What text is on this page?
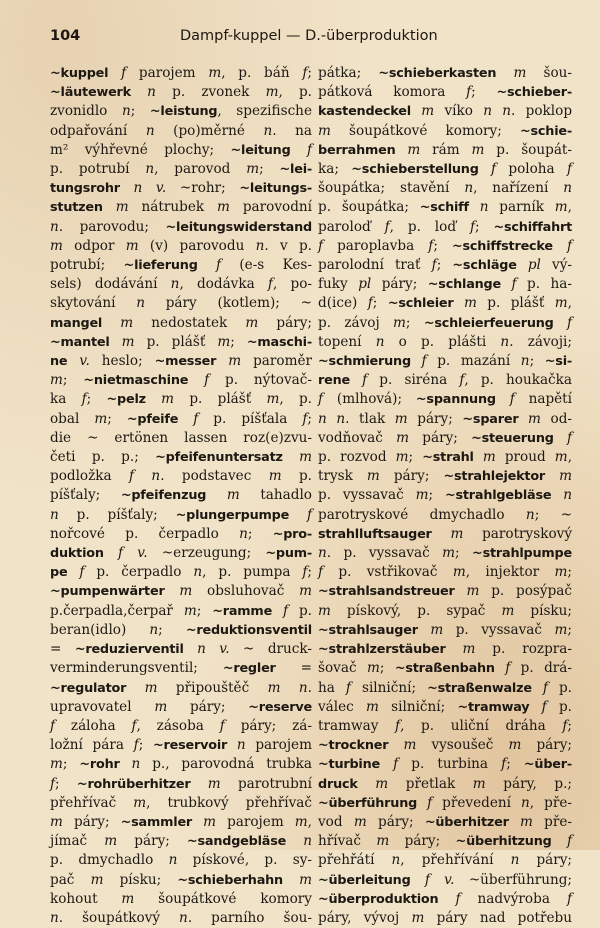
104	Dampf-kuppel — D.-überproduktion
~kuppel f parojem m, p. báň f;
~läutewerk n p. zvonek m, p.
zvonidlo n; ~leistung, spezifische
odpařování n (po)měrné n. na
m² výhřevné plochy; ~leitung f
p. potrubí n, parovod m; ~lei-
tungsrohr n v. ~rohr; ~leitungs-
stutzen m nátrubek m parovodní
n. parovodu; ~leitungswiderstand
m odpor m (v) parovodu n. v p.
potrubí; ~lieferung f (e-s Kes-
sels) dodávání n, dodávka f, po-
skytování n páry (kotlem); ~
mangel m nedostatek m páry;
~mantel m p. plášť m; ~maschi-
ne v. heslo; ~messer m paroměr
m; ~nietmaschine f p. nýtovač-
ka f; ~pelz m p. plášť m, p.
obal m; ~pfeife f p. píšťala f;
die ~ ertönen lassen roz(e)zvu-
četi p. p.; ~pfeifenuntersatz m
podložka f n. podstavec m p.
píšťaly; ~pfeifenzug m tahadlo
n p. píšťaly; ~plungerpumpe f
nořcové p. čerpadlo n; ~pro-
duktion f v. ~erzeugung; ~pum-
pe f p. čerpadlo n, p. pumpa f;
~pumpenwärter m obsluhovač m
p.čerpadla,čerpař m; ~ramme f p.
beran(idlo) n; ~reduktionsventil
= ~reduzierventil n v. ~ druck-
verminderungsventil; ~regler =
~regulator m připouštěč m n.
upravovatel m páry; ~reserve
f záloha f, zásoba f páry; zá-
ložní pára f; ~reservoir n parojem
m; ~rohr n p., parovodná trubka
f; ~rohrüberhitzer m parotrubní
přehřívač m, trubkový přehřívač
m páry; ~sammler m parojem m,
jímač m páry; ~sandgebläse n
p. dmychadlo n pískové, p. sy-
pač m písku; ~schieberhahn m
kohout m šoupátkové komory
n. šoupátkový n. parního šou-
pátka; ~schieberkasten m šou-
pátková komora f; ~schieber-
kastendeckel m víko n n. poklop
m šoupátkové komory; ~schie-
berrahmen m rám m p. šoupát-
ka; ~schieberstellung f poloha f
šoupátka; stavění n, nařízení n
p. šoupátka; ~schiff n parník m,
paroloď f, p. loď f; ~schiffahrt
f paroplavba f; ~schiffstrecke f
parolodní trať f; ~schläge pl vý-
fuky pl páry; ~schlange f p. ha-
d(ice) f; ~schleier m p. plášť m,
p. závoj m; ~schleierfeuerung f
topení n o p. plášti n. závoji;
~schmierung f p. mazání n; ~si-
rene f p. siréna f, p. houkačka
f (mlhová); ~spannung f napětí
n n. tlak m páry; ~sparer m od-
vodňovač m páry; ~steuerung f
p. rozvod m; ~strahl m proud m,
trysk m páry; ~strahlejektor m
p. vyssavač m; ~strahlgebläse n
parotryskové dmychadlo n; ~
strahlluftsauger m parotryskový
n. p. vyssavač m; ~strahlpumpe
f p. vstřikovač m, injektor m;
~strahlsandstreuer m p. posýpač
m pískový, p. sypač m písku;
~strahlsauger m p. vyssavač m;
~strahlzerstäuber m p. rozpra-
šovač m; ~straßenbahn f p. drá-
ha f silniční; ~straßenwalze f p.
válec m silniční; ~tramway f p.
tramway f, p. uliční dráha f;
~trockner m vysoušeč m páry;
~turbine f p. turbina f; ~über-
druck m přetlak m páry, p.;
~überführung f převedení n, pře-
vod m páry; ~überhitzer m pře-
hřívač m páry; ~überhitzung f
přehřátí n, přehřívání n páry;
~überleitung f v. ~überführung;
~überproduktion f nadvýroba f
páry, vývoj m páry nad potřebu
